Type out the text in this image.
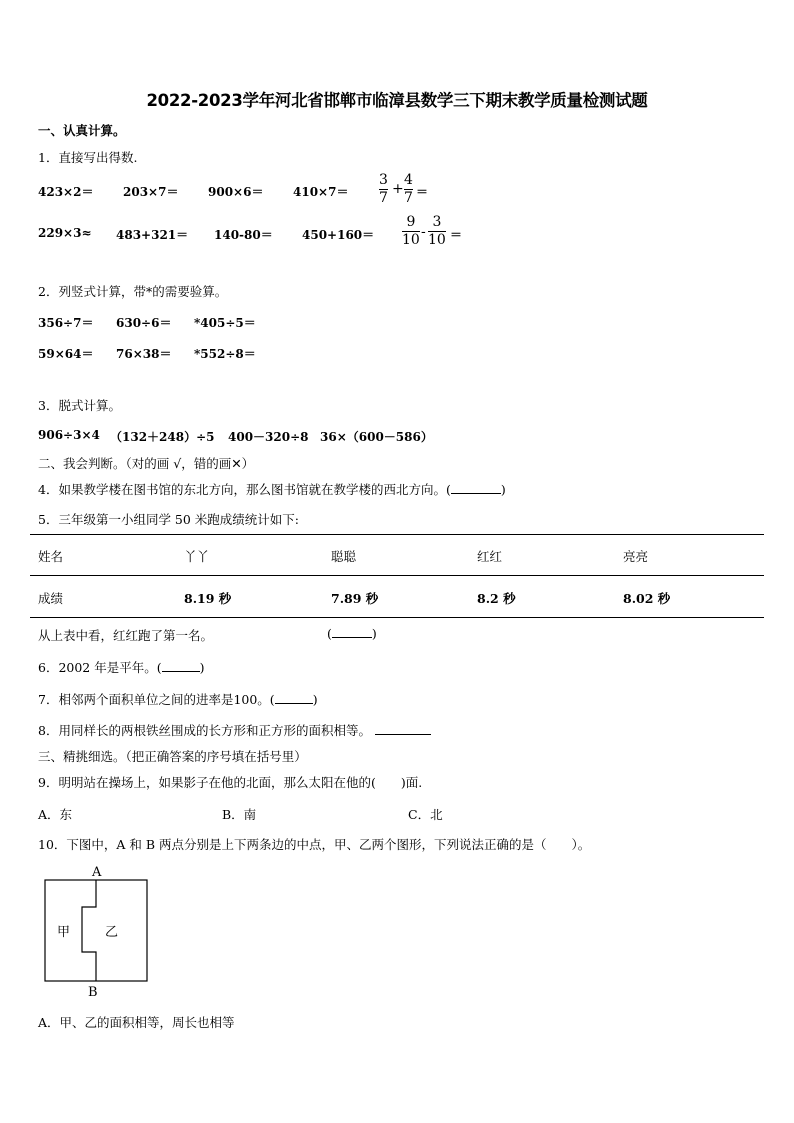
2022-2023学年河北省邯郸市临漳县数学三下期末教学质量检测试题
一、认真计算。
1．直接写出得数.
423×2＝ 203×7＝ 900×6＝ 410×7＝
3
7
+
4
7 ＝
229×3≈ 483+321＝ 140-80＝ 450+160＝
9
10 -
3
10 ＝
2．列竖式计算，带*的需要验算。
356÷7＝ 630÷6＝ *405÷5＝
59×64＝ 76×38＝ *552÷8＝
3．脱式计算。
906÷3×4 （132＋248）÷5 400－320÷8 36×（600－586）
二、我会判断。（对的画 √，错的画✕）
4．如果教学楼在图书馆的东北方向，那么图书馆就在教学楼的西北方向。(	)
5．三年级第一小组同学 50 米跑成绩统计如下:
姓名	丫丫	聪聪	红红	亮亮
成绩	8.19 秒	7.89 秒	8.2 秒	8.02 秒
从上表中看，红红跑了第一名。	(	)
6．2002 年是平年。(	)
7．相邻两个面积单位之间的进率是100。(	)
8．用同样长的两根铁丝围成的长方形和正方形的面积相等。
三、精挑细选。（把正确答案的序号填在括号里）
9．明明站在操场上，如果影子在他的北面，那么太阳在他的(　　)面.
A．东	B．南	C．北
10．下图中，A 和 B 两点分别是上下两条边的中点，甲、乙两个图形，下列说法正确的是（　　）。
A
B
甲	乙
A．甲、乙的面积相等，周长也相等
